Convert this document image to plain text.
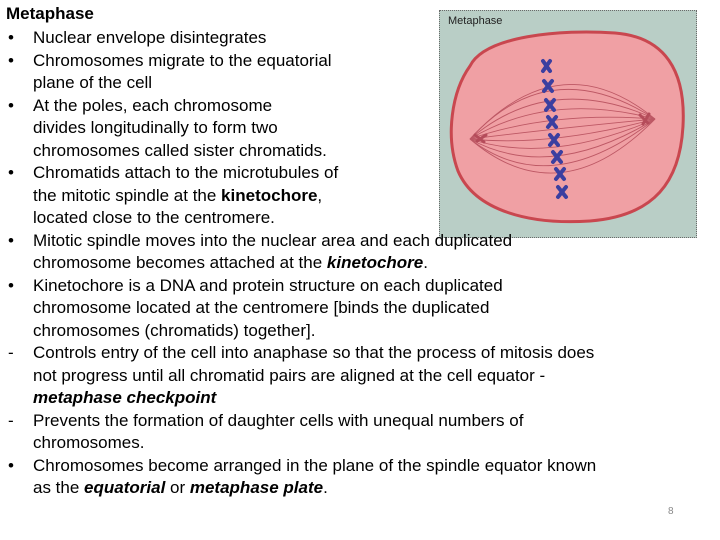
Metaphase	Metaphase
•	Nuclear envelope disintegrates
•	Chromosomes migrate to the equatorial
plane of the cell
•	At the poles, each chromosome
divides longitudinally to form two
chromosomes called sister chromatids.
•	Chromatids attach to the microtubules of
the mitotic spindle at the kinetochore,
located close to the centromere.
•	Mitotic spindle moves into the nuclear area and each duplicated
chromosome becomes attached at the kinetochore.
•	Kinetochore is a DNA and protein structure on each duplicated
chromosome located at the centromere [binds the duplicated
chromosomes (chromatids) together].
-	Controls entry of the cell into anaphase so that the process of mitosis does
not progress until all chromatid pairs are aligned at the cell equator -
metaphase checkpoint
-	Prevents the formation of daughter cells with unequal numbers of
chromosomes.
•	Chromosomes become arranged in the plane of the spindle equator known
as the equatorial or metaphase plate.
8
